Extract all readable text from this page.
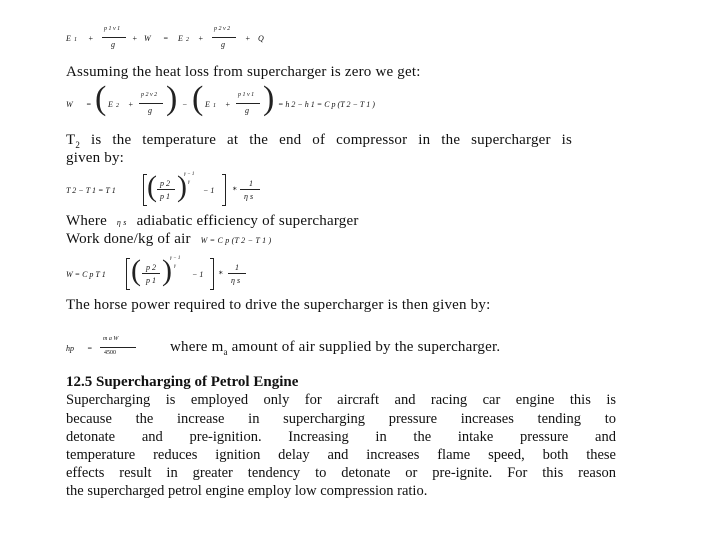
E 1 +
p 1 v 1
g
+ W = E 2 +
p 2 v 2
g
+ Q
Assuming the heat loss from supercharger is zero we get:
W = ( E 2 +
p 2 v 2
g ) − ( E 1 +
p 1 v 1
g ) = h 2 − h 1 = C p (T 2 − T 1 )
$T_2$ is the temperature at the end of compressor in the supercharger is
given by:
T 2 − T 1 = T 1 ( p 2
p 1 )
γ − 1
γ
− 1 ∗
1
η s
Where η s adiabatic efficiency of supercharger
Work done/kg of air W = C p (T 2 − T 1 )
W = C p T 1 ( p 2
p 1 )
γ − 1
γ
− 1 ∗
1
η s
The horse power required to drive the supercharger is then given by:
hp =
m a W
4500	where $m_a$ amount of air supplied by the supercharger.
12.5 Supercharging of Petrol Engine
Supercharging is employed only for aircraft and racing car engine this is
because the increase in supercharging pressure increases tending to
detonate and pre-ignition. Increasing in the intake pressure and
temperature reduces ignition delay and increases flame speed, both these
effects result in greater tendency to detonate or pre-ignite. For this reason
the supercharged petrol engine employ low compression ratio.
